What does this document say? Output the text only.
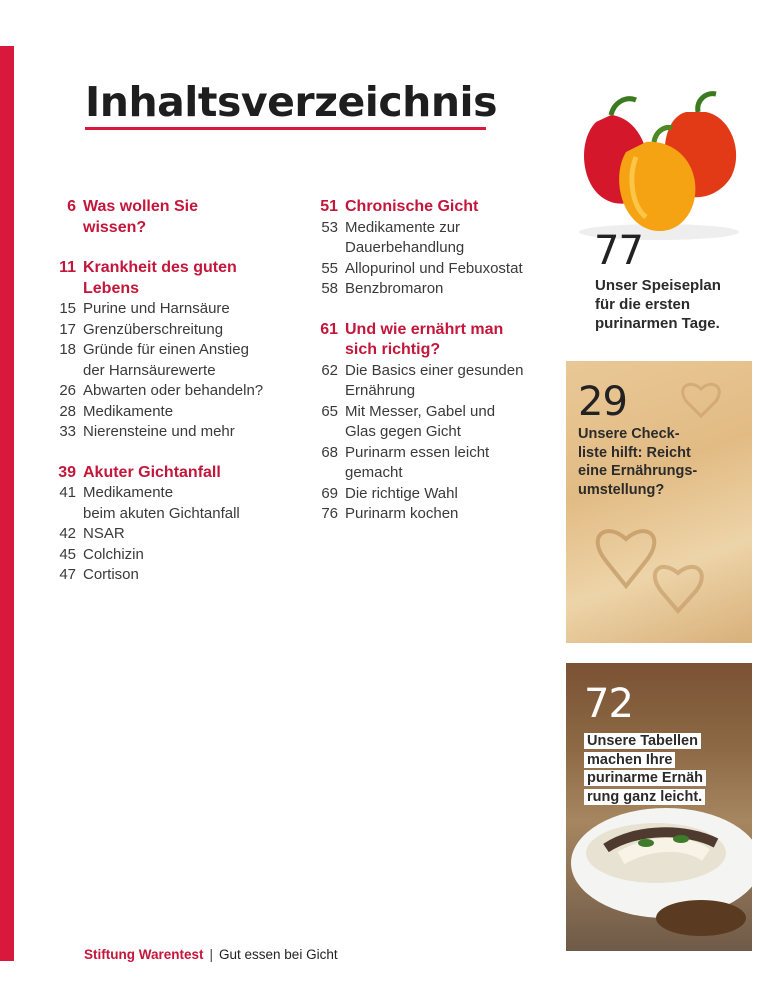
Inhaltsverzeichnis
6 Was wollen Sie
wissen?
11 Krankheit des guten
Lebens
15 Purine und Harnsäure
17 Grenzüberschreitung
18 Gründe für einen Anstieg
der Harnsäurewerte
26 Abwarten oder behandeln?
28 Medikamente
33 Nierensteine und mehr
39 Akuter Gichtanfall
41 Medikamente
beim akuten Gichtanfall
42 NSAR
45 Colchizin
47 Cortison
51 Chronische Gicht
53 Medikamente zur
Dauerbehandlung
55 Allopurinol und Febuxostat
58 Benzbromaron
61 Und wie ernährt man
sich richtig?
62 Die Basics einer gesunden
Ernährung
65 Mit Messer, Gabel und
Glas gegen Gicht
68 Purinarm essen leicht
gemacht
69 Die richtige Wahl
76 Purinarm kochen

77

Unser Speiseplan
für die ersten
purinarmen Tage.

29

Unsere Check-
liste hilft: Reicht
eine Ernährungs-
umstellung?

72

Unsere Tabellen
machen Ihre
purinarme Ernäh
rung ganz leicht.

Stiftung Warentest | Gut essen bei Gicht
